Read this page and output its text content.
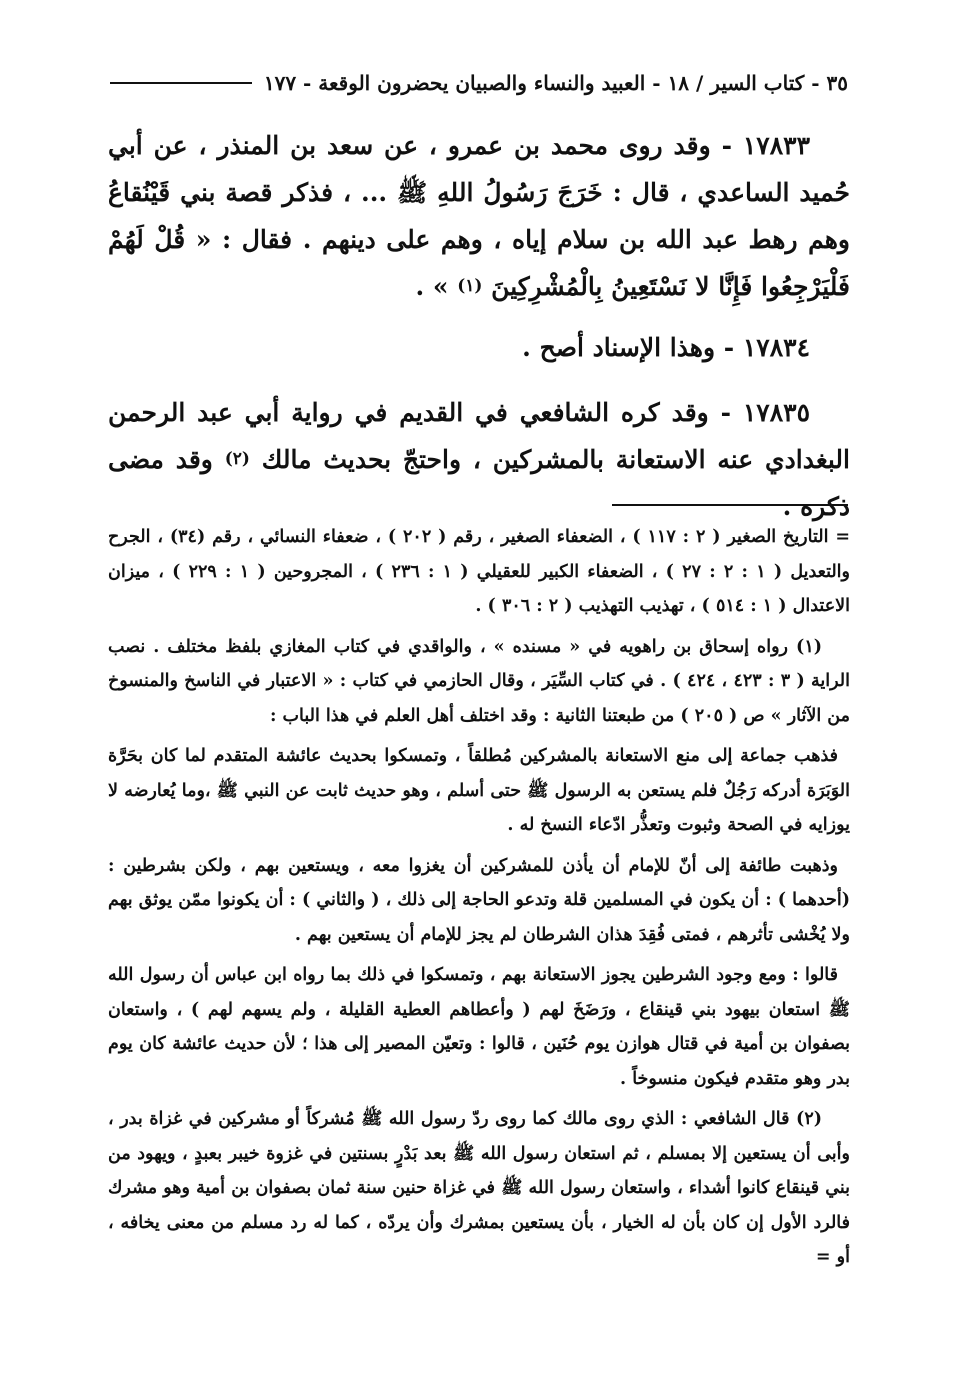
٣٥ - كتاب السير / ١٨ - العبيد والنساء والصبيان يحضرون الوقعة - ١٧٧

١٧٨٣٣ - وقد روى محمد بن عمرو ، عن سعد بن المنذر ، عن أبي حُميد الساعدي ، قال : خَرَجَ رَسُولُ اللهِ ﷺ ... ، فذكر قصة بني قَيْنُقاعُ وهم رهط عبد الله بن سلام إياه ، وهم على دينهم . فقال : « قُلْ لَهُمْ فَلْيَرْجِعُوا فَإِنَّا لا نَسْتَعِينُ بِالْمُشْرِكِينَ $^{(١)}$ » .

١٧٨٣٤ - وهذا الإسناد أصح .

١٧٨٣٥ - وقد كره الشافعي في القديم في رواية أبي عبد الرحمن البغدادي عنه الاستعانة بالمشركين ، واحتجّ بحديث مالك $^{(٢)}$ وقد مضى ذكره .

= التاريخ الصغير ( ٢ : ١١٧ ) ، الضعفاء الصغير ، رقم ( ٢٠٢ ) ، ضعفاء النسائي ، رقم (٣٤) ، الجرح والتعديل ( ١ : ٢ : ٢٧ ) ، الضعفاء الكبير للعقيلي ( ١ : ٢٣٦ ) ، المجروحين ( ١ : ٢٢٩ ) ، ميزان الاعتدال ( ١ : ٥١٤ ) ، تهذيب التهذيب ( ٢ : ٣٠٦ ) .

(١) رواه إسحاق بن راهويه في « مسنده » ، والواقدي في كتاب المغازي بلفظ مختلف . نصب الراية ( ٣ : ٤٢٣ ، ٤٢٤ ) . في كتاب السِّيَر ، وقال الحازمي في كتاب : « الاعتبار في الناسخ والمنسوخ من الآثار » ص ( ٢٠٥ ) من طبعتنا الثانية : وقد اختلف أهل العلم في هذا الباب :

فذهب جماعة إلى منع الاستعانة بالمشركين مُطلقاً ، وتمسكوا بحديث عائشة المتقدم لما كان بحَرَّة الوَبَرَة أدركه رَجُلٌ فلم يستعن به الرسول ﷺ حتى أسلم ، وهو حديث ثابت عن النبي ﷺ ،وما يُعارضه لا يوزايه في الصحة وثبوت وتعذُّر ادّعاء النسخ له .

وذهبت طائفة إلى أنّ للإمام أن يأذن للمشركين أن يغزوا معه ، ويستعين بهم ، ولكن بشرطين : (أحدهما ) : أن يكون في المسلمين قلة وتدعو الحاجة إلى ذلك ، ( والثاني ) : أن يكونوا ممّن يوثق بهم ولا يُخْشى تأثرهم ، فمتى فُقِدَ هذان الشرطان لم يجز للإمام أن يستعين بهم .

قالوا : ومع وجود الشرطين يجوز الاستعانة بهم ، وتمسكوا في ذلك بما رواه ابن عباس أن رسول الله ﷺ استعان بيهود بني قينقاع ، ورَضَخَ لهم ( وأعطاهم العطية القليلة ، ولم يسهم لهم ) ، واستعان بصفوان بن أمية في قتال هوازن يوم حُنَين ، قالوا : وتعيّن المصير إلى هذا ؛ لأن حديث عائشة كان يوم بدر وهو متقدم فيكون منسوخاً .

(٢) قال الشافعي : الذي روى مالك كما روى ردّ رسول الله ﷺ مُشركاً أو مشركين في غزاة بدر ، وأبى أن يستعين إلا بمسلم ، ثم استعان رسول الله ﷺ بعد بَدْرٍ بسنتين في غزوة خيبر بعبدٍ ، ويهود من بني قينقاع كانوا أشداء ، واستعان رسول الله ﷺ في غزاة حنين سنة ثمان بصفوان بن أمية وهو مشرك فالرد الأول إن كان بأن له الخيار ، بأن يستعين بمشرك وأن يردّه ، كما له رد مسلم من معنى يخافه ، أو =
